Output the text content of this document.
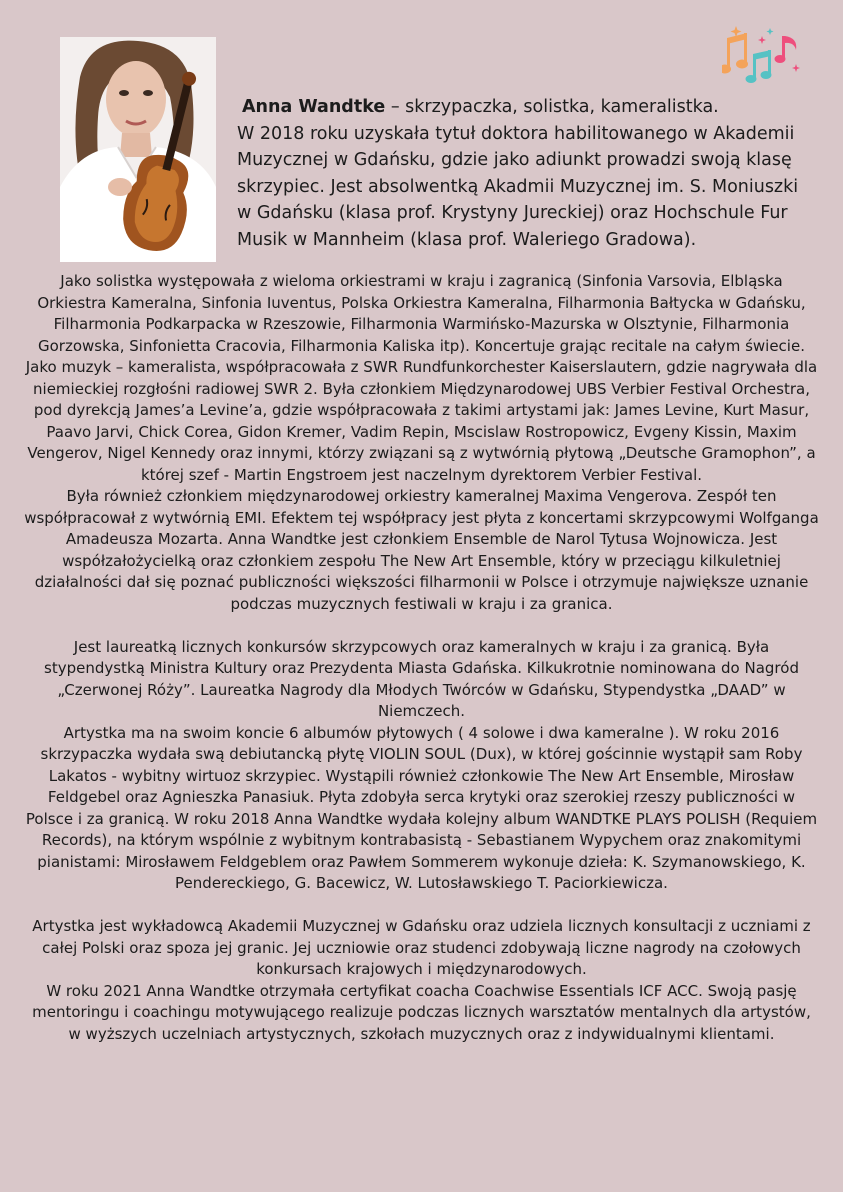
Anna Wandtke – skrzypaczka, solistka, kameralistka.

W 2018 roku uzyskała tytuł doktora habilitowanego w Akademii

Muzycznej w Gdańsku, gdzie jako adiunkt prowadzi swoją klasę

skrzypiec. Jest absolwentką Akadmii Muzycznej im. S. Moniuszki

w Gdańsku (klasa prof. Krystyny Jureckiej) oraz Hochschule Fur

Musik w Mannheim (klasa prof. Waleriego Gradowa).

Jako solistka występowała z wieloma orkiestrami w kraju i zagranicą (Sinfonia Varsovia, Elbląska Orkiestra Kameralna, Sinfonia Iuventus, Polska Orkiestra Kameralna, Filharmonia Bałtycka w Gdańsku, Filharmonia Podkarpacka w Rzeszowie, Filharmonia Warmińsko-Mazurska w Olsztynie, Filharmonia Gorzowska, Sinfonietta Cracovia, Filharmonia Kaliska itp). Koncertuje grając recitale na całym świecie.

Jako muzyk – kameralista, współpracowała z SWR Rundfunkorchester Kaiserslautern, gdzie nagrywała dla niemieckiej rozgłośni radiowej SWR 2. Była członkiem Międzynarodowej UBS Verbier Festival Orchestra, pod dyrekcją James’a Levine’a, gdzie współpracowała z takimi artystami jak: James Levine, Kurt Masur, Paavo Jarvi, Chick Corea, Gidon Kremer, Vadim Repin, Mscislaw Rostropowicz, Evgeny Kissin, Maxim Vengerov, Nigel Kennedy oraz innymi, którzy związani są z wytwórnią płytową „Deutsche Gramophon”, a której szef - Martin Engstroem jest naczelnym dyrektorem Verbier Festival.

Była również członkiem międzynarodowej orkiestry kameralnej Maxima Vengerova. Zespół ten współpracował z wytwórnią EMI. Efektem tej współpracy jest płyta z koncertami skrzypcowymi Wolfganga Amadeusza Mozarta. Anna Wandtke jest członkiem Ensemble de Narol Tytusa Wojnowicza. Jest współzałożycielką oraz członkiem zespołu The New Art Ensemble, który w przeciągu kilkuletniej działalności dał się poznać publiczności większości filharmonii w Polsce i otrzymuje największe uznanie podczas muzycznych festiwali w kraju i za granica.

Jest laureatką licznych konkursów skrzypcowych oraz kameralnych w kraju i za granicą. Była stypendystką Ministra Kultury oraz Prezydenta Miasta Gdańska. Kilkukrotnie nominowana do Nagród „Czerwonej Róży”. Laureatka Nagrody dla Młodych Twórców w Gdańsku, Stypendystka „DAAD” w Niemczech.

Artystka ma na swoim koncie 6 albumów płytowych ( 4 solowe i dwa kameralne ). W roku 2016 skrzypaczka wydała swą debiutancką płytę VIOLIN SOUL (Dux), w której gościnnie wystąpił sam Roby Lakatos - wybitny wirtuoz skrzypiec. Wystąpili również członkowie The New Art Ensemble, Mirosław Feldgebel oraz Agnieszka Panasiuk. Płyta zdobyła serca krytyki oraz szerokiej rzeszy publiczności w Polsce i za granicą. W roku 2018 Anna Wandtke wydała kolejny album WANDTKE PLAYS POLISH (Requiem Records), na którym wspólnie z wybitnym kontrabasistą - Sebastianem Wypychem oraz znakomitymi pianistami: Mirosławem Feldgeblem oraz Pawłem Sommerem wykonuje dzieła: K. Szymanowskiego, K. Pendereckiego, G. Bacewicz, W. Lutosławskiego T. Paciorkiewicza.

Artystka jest wykładowcą Akademii Muzycznej w Gdańsku oraz udziela licznych konsultacji z uczniami z całej Polski oraz spoza jej granic. Jej uczniowie oraz studenci zdobywają liczne nagrody na czołowych konkursach krajowych i międzynarodowych.

W roku 2021 Anna Wandtke otrzymała certyfikat coacha Coachwise Essentials ICF ACC. Swoją pasję mentoringu i coachingu motywującego realizuje podczas licznych warsztatów mentalnych dla artystów, w wyższych uczelniach artystycznych, szkołach muzycznych oraz z indywidualnymi klientami.
